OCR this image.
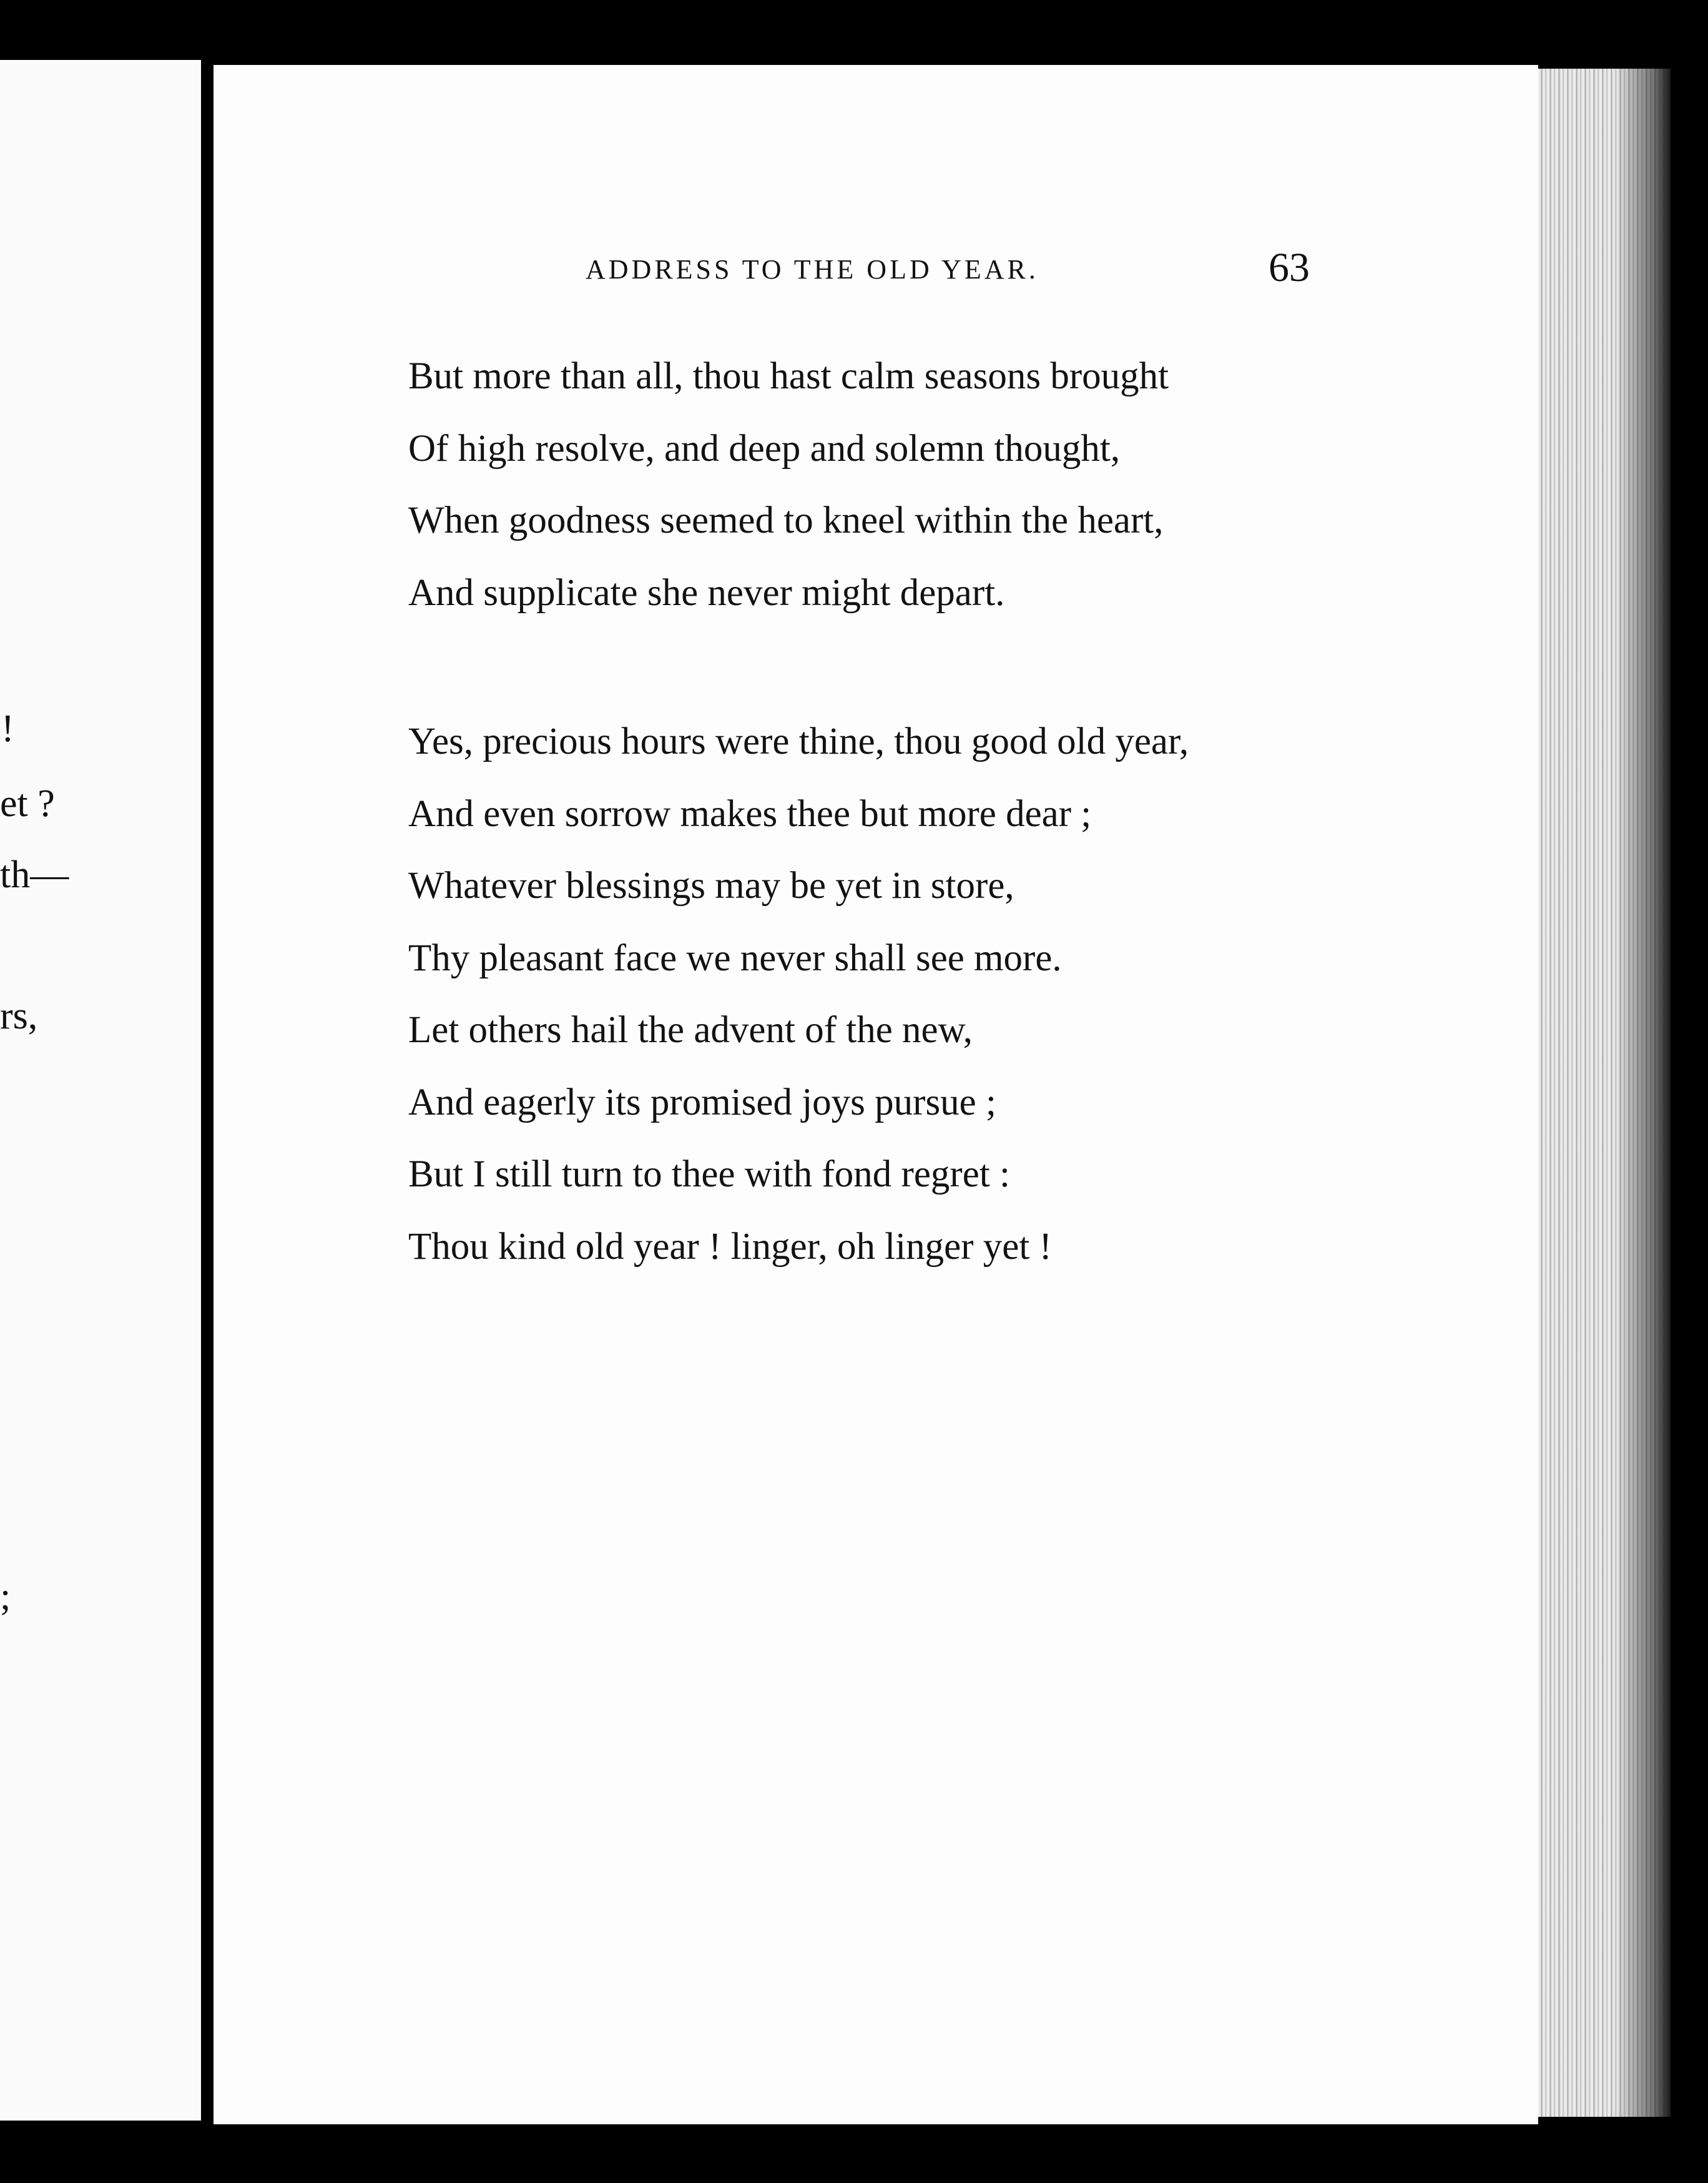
!
et ?
th—
rs,
;
ADDRESS TO THE OLD YEAR.	63
But more than all, thou hast calm seasons brought
Of high resolve, and deep and solemn thought,
When goodness seemed to kneel within the heart,
And supplicate she never might depart.
Yes, precious hours were thine, thou good old year,
And even sorrow makes thee but more dear ;
Whatever blessings may be yet in store,
Thy pleasant face we never shall see more.
Let others hail the advent of the new,
And eagerly its promised joys pursue ;
But I still turn to thee with fond regret :
Thou kind old year ! linger, oh linger yet !
